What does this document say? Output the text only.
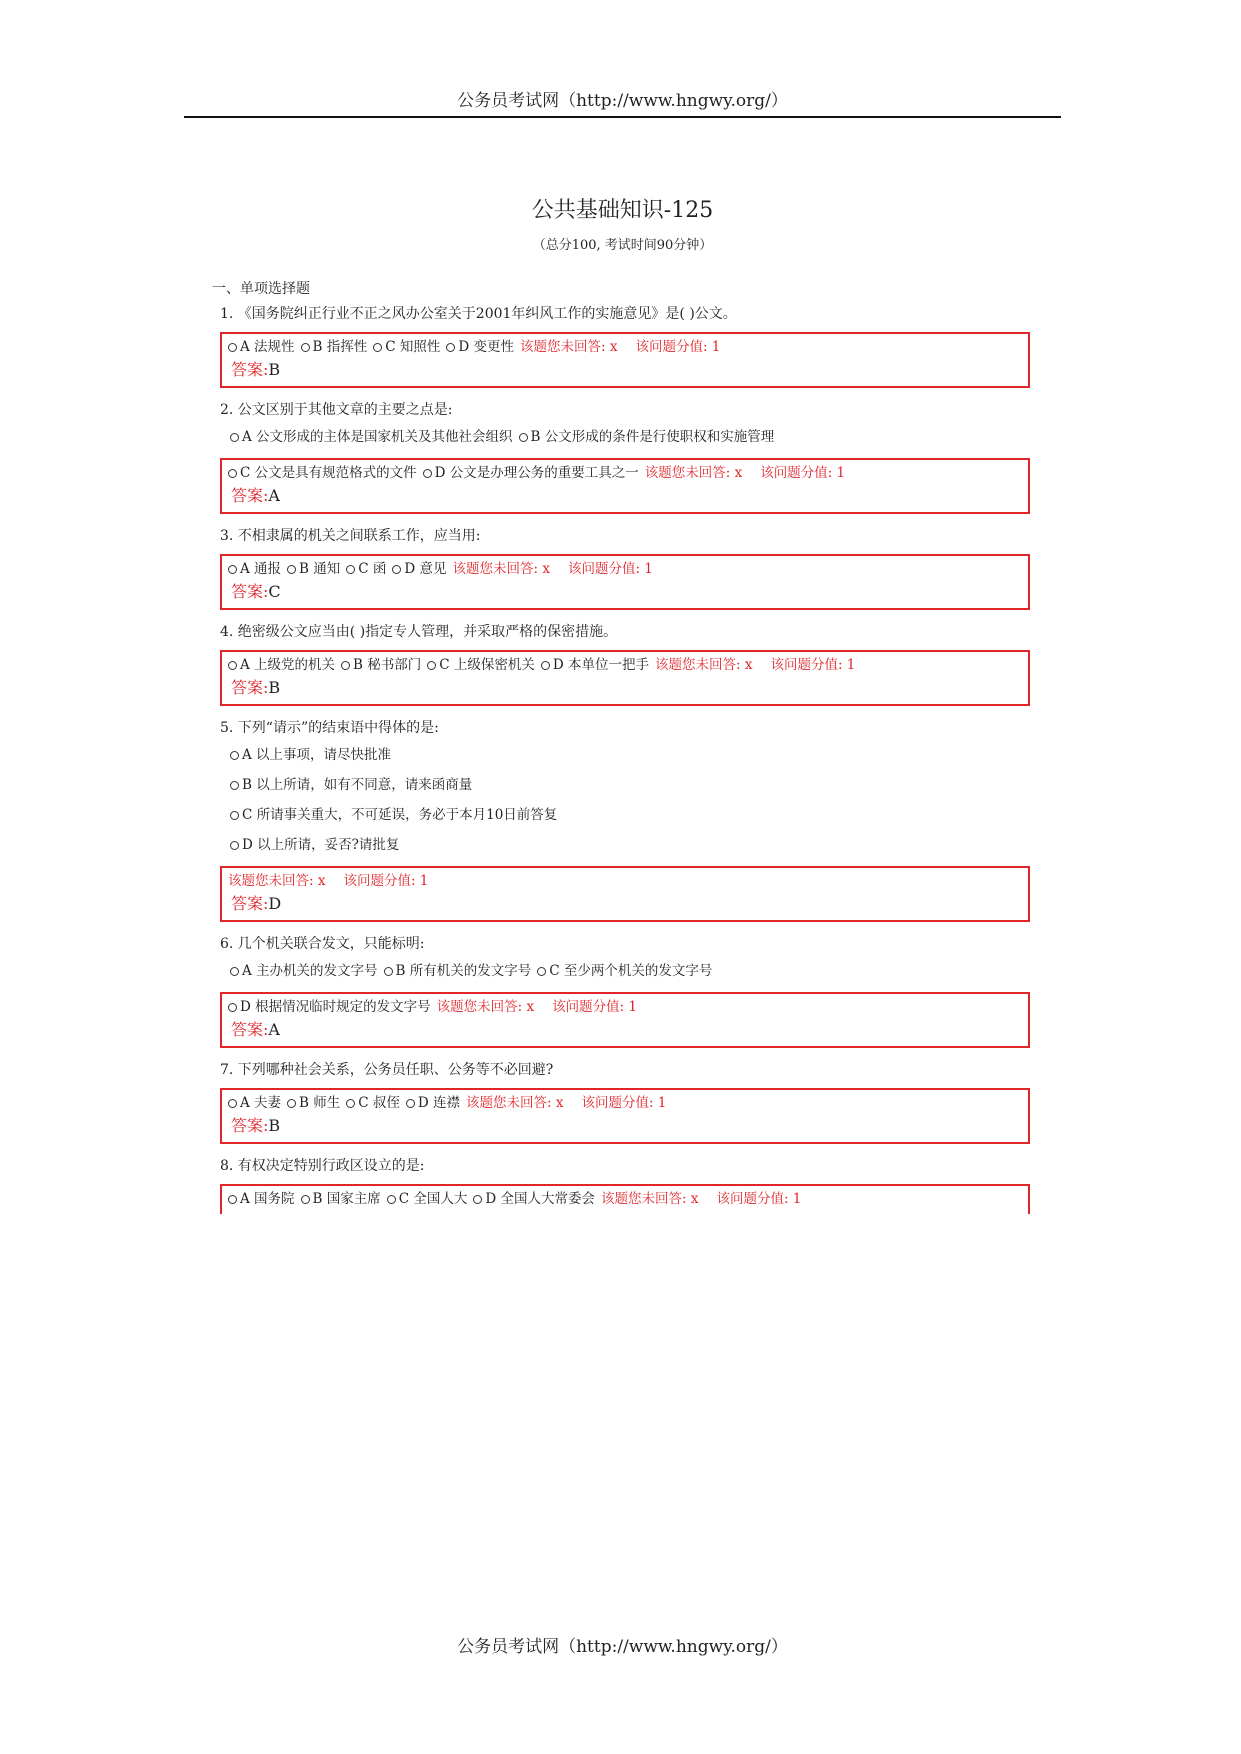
公务员考试网（http://www.hngwy.org/）
公共基础知识-125
（总分100, 考试时间90分钟）
一、单项选择题
1. 《国务院纠正行业不正之风办公室关于2001年纠风工作的实施意见》是( )公文。
A 法规性 B 指挥性 C 知照性 D 变更性 该题您未回答: x 该问题分值: 1
答案:B
2. 公文区别于其他文章的主要之点是:
A 公文形成的主体是国家机关及其他社会组织 B 公文形成的条件是行使职权和实施管理
C 公文是具有规范格式的文件 D 公文是办理公务的重要工具之一 该题您未回答: x 该问题分值: 1
答案:A
3. 不相隶属的机关之间联系工作，应当用:
A 通报 B 通知 C 函 D 意见 该题您未回答: x 该问题分值: 1
答案:C
4. 绝密级公文应当由( )指定专人管理，并采取严格的保密措施。
A 上级党的机关 B 秘书部门 C 上级保密机关 D 本单位一把手 该题您未回答: x 该问题分值: 1
答案:B
5. 下列“请示”的结束语中得体的是:
A 以上事项，请尽快批准
B 以上所请，如有不同意，请来函商量
C 所请事关重大，不可延误，务必于本月10日前答复
D 以上所请，妥否?请批复
该题您未回答: x 该问题分值: 1
答案:D
6. 几个机关联合发文，只能标明:
A 主办机关的发文字号 B 所有机关的发文字号 C 至少两个机关的发文字号
D 根据情况临时规定的发文字号 该题您未回答: x 该问题分值: 1
答案:A
7. 下列哪种社会关系，公务员任职、公务等不必回避?
A 夫妻 B 师生 C 叔侄 D 连襟 该题您未回答: x 该问题分值: 1
答案:B
8. 有权决定特别行政区设立的是:
A 国务院 B 国家主席 C 全国人大 D 全国人大常委会 该题您未回答: x 该问题分值: 1
公务员考试网（http://www.hngwy.org/）
